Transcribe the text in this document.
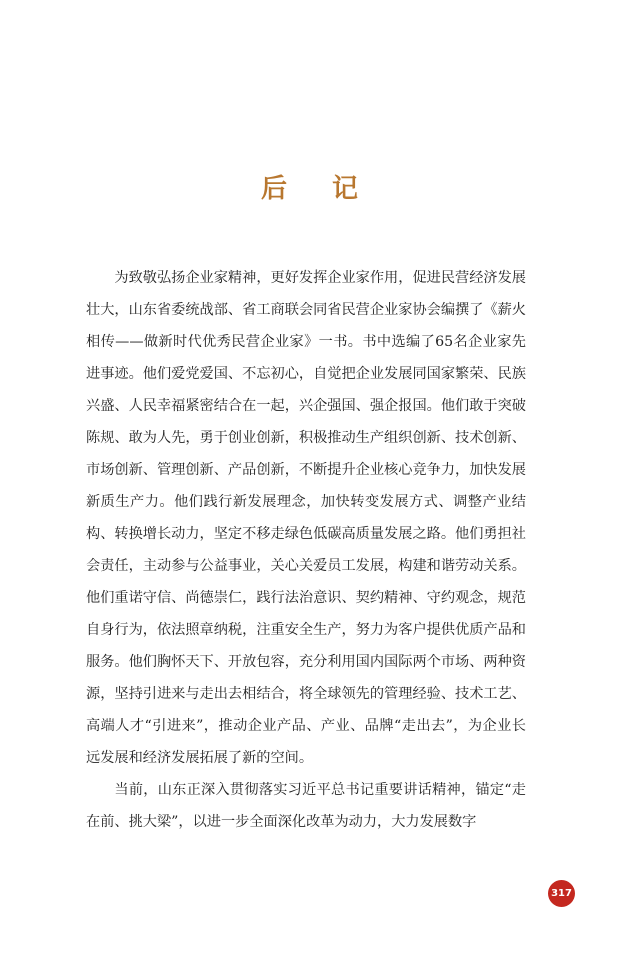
后 记

为致敬弘扬企业家精神，更好发挥企业家作用，促进民营经济发展壮大，山东省委统战部、省工商联会同省民营企业家协会编撰了《薪火相传——做新时代优秀民营企业家》一书。书中选编了65名企业家先进事迹。他们爱党爱国、不忘初心，自觉把企业发展同国家繁荣、民族兴盛、人民幸福紧密结合在一起，兴企强国、强企报国。他们敢于突破陈规、敢为人先，勇于创业创新，积极推动生产组织创新、技术创新、市场创新、管理创新、产品创新，不断提升企业核心竞争力，加快发展新质生产力。他们践行新发展理念，加快转变发展方式、调整产业结构、转换增长动力，坚定不移走绿色低碳高质量发展之路。他们勇担社会责任，主动参与公益事业，关心关爱员工发展，构建和谐劳动关系。他们重诺守信、尚德崇仁，践行法治意识、契约精神、守约观念，规范自身行为，依法照章纳税，注重安全生产，努力为客户提供优质产品和服务。他们胸怀天下、开放包容，充分利用国内国际两个市场、两种资源，坚持引进来与走出去相结合，将全球领先的管理经验、技术工艺、高端人才“引进来”，推动企业产品、产业、品牌“走出去”，为企业长远发展和经济发展拓展了新的空间。

当前，山东正深入贯彻落实习近平总书记重要讲话精神，锚定“走在前、挑大梁”，以进一步全面深化改革为动力，大力发展数字

317
